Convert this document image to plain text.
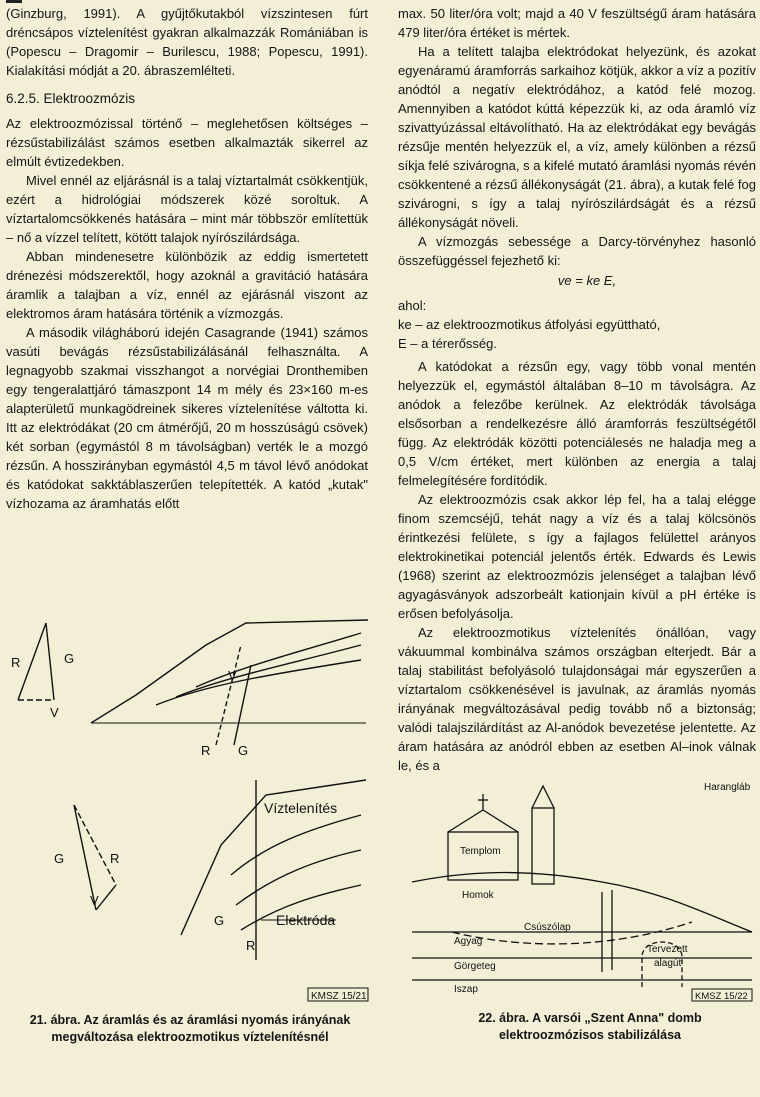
(Ginzburg, 1991). A gyűjtőkutakból vízszintesen fúrt dréncsápos víztelenítést gyakran alkalmazzák Romániában is (Popescu – Dragomir – Burilescu, 1988; Popescu, 1991). Kialakítási módját a 20. ábraszemlélteti.

6.2.5. Elektroozmózis

Az elektroozmózissal történő – meglehetősen költséges – rézsűstabilizálást számos esetben alkalmazták sikerrel az elmúlt évtizedekben.

Mivel ennél az eljárásnál is a talaj víztartalmát csökkentjük, ezért a hidrológiai módszerek közé soroltuk. A víztartalomcsökkenés hatására – mint már többször említettük – nő a vízzel telített, kötött talajok nyírószilárdsága.

Abban mindenesetre különbözik az eddig ismertetett drénezési módszerektől, hogy azoknál a gravitáció hatására áramlik a talajban a víz, ennél az ejárásnál viszont az elektromos áram hatására történik a vízmozgás.

A második világháború idején Casagrande (1941) számos vasúti bevágás rézsűstabilizálásánál felhasználta. A legnagyobb szakmai visszhangot a norvégiai Dronthemiben egy tengeralattjáró támaszpont 14 m mély és 23×160 m-es alapterületű munkagödreinek sikeres víztelenítése váltotta ki. Itt az elektródákat (20 cm átmérőjű, 20 m hosszúságú csövek) két sorban (egymástól 8 m távolságban) verték le a mozgó rézsűn. A hosszirányban egymástól 4,5 m távol lévő anódokat és katódokat sakktáblaszerűen telepítették. A katód „kutak" vízhozama az áramhatás előtt

max. 50 liter/óra volt; majd a 40 V feszültségű áram hatására 479 liter/óra értéket is mértek.

Ha a telített talajba elektródokat helyezünk, és azokat egyenáramú áramforrás sarkaihoz kötjük, akkor a víz a pozitív anódtól a negatív elektródához, a katód felé mozog. Amennyiben a katódot kúttá képezzük ki, az oda áramló víz szivattyúzással eltávolítható. Ha az elektródákat egy bevágás rézsűje mentén helyezzük el, a víz, amely különben a rézsű síkja felé szivárogna, s a kifelé mutató áramlási nyomás révén csökkentené a rézsű állékonyságát (21. ábra), a kutak felé fog szivárogni, s így a talaj nyírószilárdságát és a rézsű állékonyságát növeli.

A vízmozgás sebessége a Darcy-törvényhez hasonló összefüggéssel fejezhető ki:

ve = ke E,
ahol:
ke – az elektroozmotikus átfolyási együttható,
E – a térerősség.

A katódokat a rézsűn egy, vagy több vonal mentén helyezzük el, egymástól általában 8–10 m távolságra. Az anódok a felezőbe kerülnek. Az elektródák távolsága elsősorban a rendelkezésre álló áramforrás feszültségétől függ. Az elektródák közötti potenciálesés ne haladja meg a 0,5 V/cm értéket, mert különben az energia a talaj felmelegítésére fordítódik.

Az elektroozmózis csak akkor lép fel, ha a talaj elégge finom szemcséjű, tehát nagy a víz és a talaj kölcsönös érintkezési felülete, s így a fajlagos felülettel arányos elektrokinetikai potenciál jelentős érték. Edwards és Lewis (1968) szerint az elektroozmózis jelenséget a talajban lévő agyagásványok adszorbeált kationjain kívül a pH értéke is erősen befolyásolja.

Az elektroozmotikus víztelenítés önállóan, vagy vákuummal kombinálva számos országban elterjedt. Bár a talaj stabilitást befolyásoló tulajdonságai már egyszerűen a víztartalom csökkenésével is javulnak, az áramlás nyomás irányának megváltozásával pedig tovább nő a biztonság; valódi talajszilárdítást az Al-anódok bevezetése jelentette. Az áram hatására az anódról ebben az esetben Al–inok válnak le, és a

R	G
V
V
R G
G	R
V
G
R
Víztelenítés
Elektróda
KMSZ 15/21
21. ábra. Az áramlás és az áramlási nyomás irányának megváltozása elektroozmotikus víztelenítésnél
Harangláb
Templom
Homok
Csúszólap
Agyag
Görgeteg
Iszap
Tervezett
alagút
KMSZ 15/22
22. ábra. A varsói „Szent Anna" domb elektroozmózisos stabilizálása
